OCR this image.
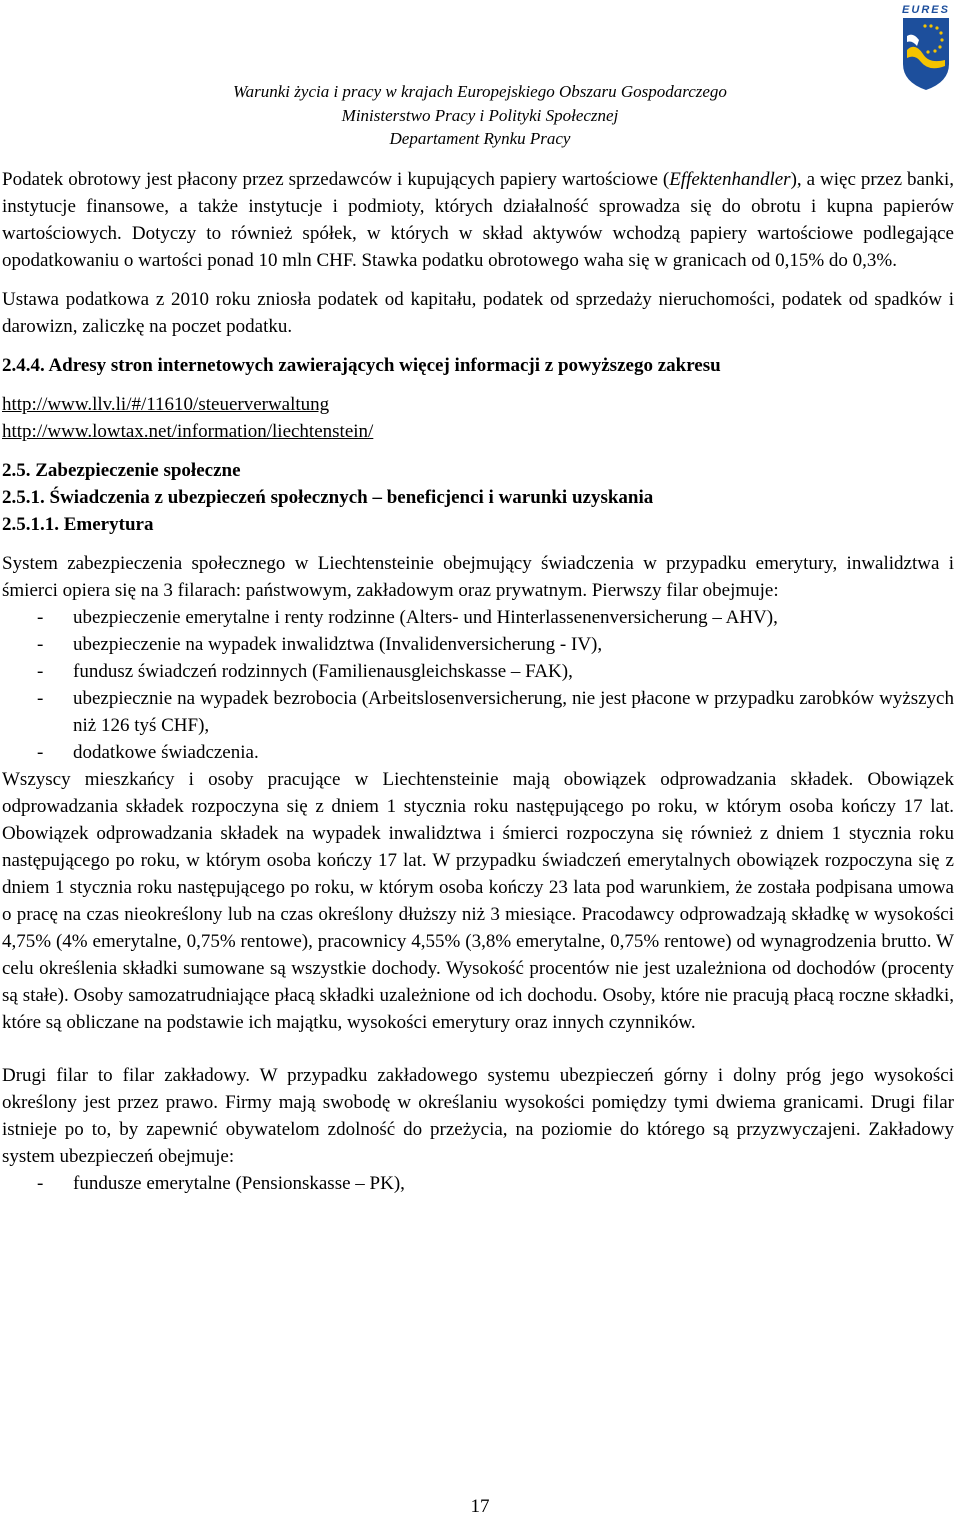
EURES
Warunki życia i pracy w krajach Europejskiego Obszaru Gospodarczego
Ministerstwo Pracy i Polityki Społecznej
Departament Rynku Pracy

Podatek obrotowy jest płacony przez sprzedawców i kupujących papiery wartościowe (Effektenhandler), a więc przez banki, instytucje finansowe, a także instytucje i podmioty, których działalność sprowadza się do obrotu i kupna papierów wartościowych. Dotyczy to również spółek, w których w skład aktywów wchodzą papiery wartościowe podlegające opodatkowaniu o wartości ponad 10 mln CHF. Stawka podatku obrotowego waha się w granicach od 0,15% do 0,3%.

Ustawa podatkowa z 2010 roku zniosła podatek od kapitału, podatek od sprzedaży nieruchomości, podatek od spadków i darowizn, zaliczkę na poczet podatku.

2.4.4. Adresy stron internetowych zawierających więcej informacji z powyższego zakresu

http://www.llv.li/#/11610/steuerverwaltung
http://www.lowtax.net/information/liechtenstein/

2.5. Zabezpieczenie społeczne

2.5.1. Świadczenia z ubezpieczeń społecznych – beneficjenci i warunki uzyskania

2.5.1.1. Emerytura

System zabezpieczenia społecznego w Liechtensteinie obejmujący świadczenia w przypadku emerytury, inwalidztwa i śmierci opiera się na 3 filarach: państwowym, zakładowym oraz prywatnym. Pierwszy filar obejmuje:

- ubezpieczenie emerytalne i renty rodzinne (Alters- und Hinterlassenenversicherung – AHV),
- ubezpieczenie na wypadek inwalidztwa (Invalidenversicherung - IV),
- fundusz świadczeń rodzinnych (Familienausgleichskasse – FAK),
- ubezpiecznie na wypadek bezrobocia (Arbeitslosenversicherung, nie jest płacone w przypadku zarobków wyższych niż 126 tyś CHF),
- dodatkowe świadczenia.

Wszyscy mieszkańcy i osoby pracujące w Liechtensteinie mają obowiązek odprowadzania składek. Obowiązek odprowadzania składek rozpoczyna się z dniem 1 stycznia roku następującego po roku, w którym osoba kończy 17 lat. Obowiązek odprowadzania składek na wypadek inwalidztwa i śmierci rozpoczyna się również z dniem 1 stycznia roku następującego po roku, w którym osoba kończy 17 lat. W przypadku świadczeń emerytalnych obowiązek rozpoczyna się z dniem 1 stycznia roku następującego po roku, w którym osoba kończy 23 lata pod warunkiem, że została podpisana umowa o pracę na czas nieokreślony lub na czas określony dłuższy niż 3 miesiące. Pracodawcy odprowadzają składkę w wysokości 4,75% (4% emerytalne, 0,75% rentowe), pracownicy 4,55% (3,8% emerytalne, 0,75% rentowe) od wynagrodzenia brutto. W celu określenia składki sumowane są wszystkie dochody. Wysokość procentów nie jest uzależniona od dochodów (procenty są stałe). Osoby samozatrudniające płacą składki uzależnione od ich dochodu. Osoby, które nie pracują płacą roczne składki, które są obliczane na podstawie ich majątku, wysokości emerytury oraz innych czynników.

Drugi filar to filar zakładowy. W przypadku zakładowego systemu ubezpieczeń górny i dolny próg jego wysokości określony jest przez prawo. Firmy mają swobodę w określaniu wysokości pomiędzy tymi dwiema granicami. Drugi filar istnieje po to, by zapewnić obywatelom zdolność do przeżycia, na poziomie do którego są przyzwyczajeni. Zakładowy system ubezpieczeń obejmuje:

- fundusze emerytalne (Pensionskasse – PK),
17
